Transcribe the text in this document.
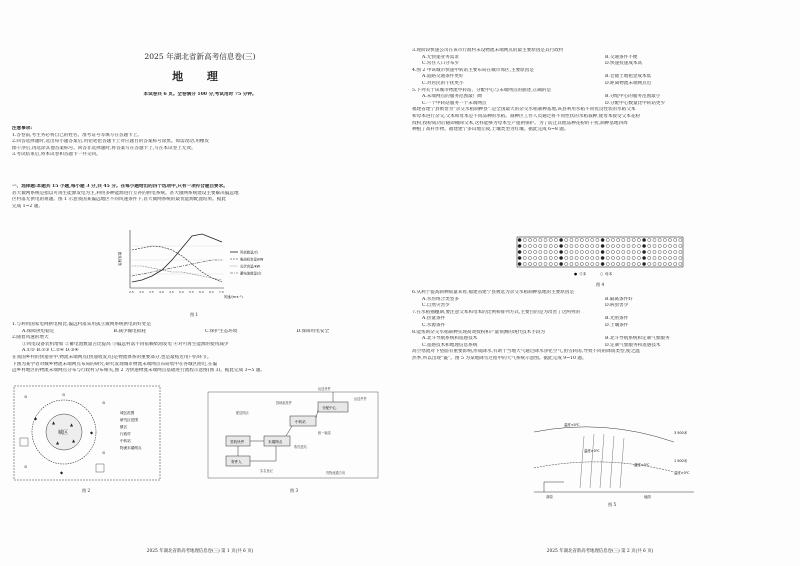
2025 年湖北省新高考信息卷(三)
地 理
本试卷共 6 页。全卷满分 100 分,考试用时 75 分钟。
注意事项:
1.答卷前,考生务必将自己的姓名、准考证号等填写在答题卡上。
2.回答选择题时,选出每小题答案后,用铅笔把答题卡上对应题目的答案标号涂黑。如需改动,用橡皮
擦干净后,再选涂其他答案标号。回答非选择题时,将答案写在答题卡上,写在本试卷上无效。
3.考试结束后,将本试卷和答题卡一并交回。
一、选择题:本题共 15 小题,每小题 3 分,共 45 分。在每小题给出的四个选项中,只有一项符合题目要求。
甚大微网系统是指以可再生能源发电为主,利用多种能源进行互补的供电系统。甚大微网系统建设主要解决偏远地
区村落无供电的难题。图 1 示意我国某偏远地区不同风速条件下,甚大微网系统的最优能源配置结果。据此
完成 1~2 题。
装机容量
2.5 3.0 3.5 4.0 4.5 5.0 5.5 6.0 6.5 7.0
风速/(m·s⁻¹)
风机数量/台
柴油机容量/kW
光伏容量/kW
蓄电池数量/台
图 1
1.与利用国家电网供电相比,偏远村落采用孤立微网系统供电的好处是
A.保障供电稳定	B.减少输电损耗	C.保护生态环境	D.保障用电安全
2.随着风速的增大
①风电设备装机增加 ②蓄电池数量占比提高 ③偏远村落不再依赖柴油发电 ④对可再生能源的使用减少
A.①② B.①③ C.②④ D.③④
在我国乡村的快递业中,物流末端网点(快递收发点)是物流体系的重要部分,也是最贴近用户的环节。
下图为某学者对城乡物流末端网点布局的研究,研究发现城市物流末端网点布局集中在各城区附近,在偏
远乡村地区的物流末端网点分布与行政村分布相关,图 2 为快递物流末端网点基础进行流程示意图(图 3)。据此完成 3~5 题。
城区
▲	▲
▲	▲
⊙	⊙
⊙
⊙
⊙
◆
◆
◆
城区范围
研究区范围
镇区
行政村
中转站
物流末端网点
图 2
分配中心
中转站
末端网点
签收快件
寄件人
运送快件
运送件件
配送网点
收货进站
实名登记
按地址派件
统一输送
货物流通方向
图 3
2025 年湖北省新高考地理信息卷(三) 第 1 页(共 6 页)
3.现阶段快递公司在该市行政村末设物流末端网点的最主要原因是其行政村
A.无快递业务需求	B.交通条件不便
C.常住人口分布少	D.快递投递成本高
4.图 2 中该城市快递中转站主要布局在城市郊区,主要原因是
A.道路交通条件更好	B.仓储土地租金成本低
C.对居民的干扰更小	D.距离物流末端网点近
5.下列关于该城市物流中转站、分配中心与末端网点的描述,正确的是
A.末端网点的服务范围最广阔	B.分配中心的服务范围最小
C.一个中转站服务一个末端网点	D.分配中心数量比中转站更少
福建省建宁县被誉为“杂交水稻制种县”,是全国最大的杂交水稻制种基地,该县利用水稻不同优良性状的水稻父本
和母本进行杂交,父本和母本是不同品种的水稻。制种区工作人员通过将不同性状的水稻栽种,使母本接受父本花粉
授粉,授粉成功后随即剔除父本,这样能够为母本生产提供保护。为了防止其他品种花粉的干扰,制种基地四周
种植了高秆作物。福建建宁多山地丘陵,土壤类型为红壤。据此完成 6~8 题。
● 父本	○ 母本
图 4
6.从利于提高制种质量来看,福建省建宁县被选为杂交水稻制种基地的主要原因是
A.水热组合类型多	B.隔离条件好
C.自然灾害少	D.病虫害少
7.在水稻抽穗期,要注意父本和母本的比例和排列方式,主要目的是为改善了这两列的
A.热量条件	B.光照条件
C.水源条件	D.土壤条件
8.能帮助杂交水稻制种实现高效授粉和产量预测的现代技术手段为
A.北斗导航系统和遥感技术	B.北斗导航系统和定制气象服务
C.遥感技术和地理信息系统	D.定制气象服务和遥感技术
高空寒流对下垫面有重要影响,形成降水,有助于当地大气通过降水净化空气,由雪转雨,导致不同的降雨类型,使之温
热季,所以出现“霰”。图 5 为某地降雪过程中的天气系统示意图。据此完成 9~10 题。
温度<0℃
温度>0℃
温度<0℃
3 500米
1 500米
温度>0℃
地面
高原
图 5
2025 年湖北省新高考地理信息卷(三) 第 2 页(共 6 页)
